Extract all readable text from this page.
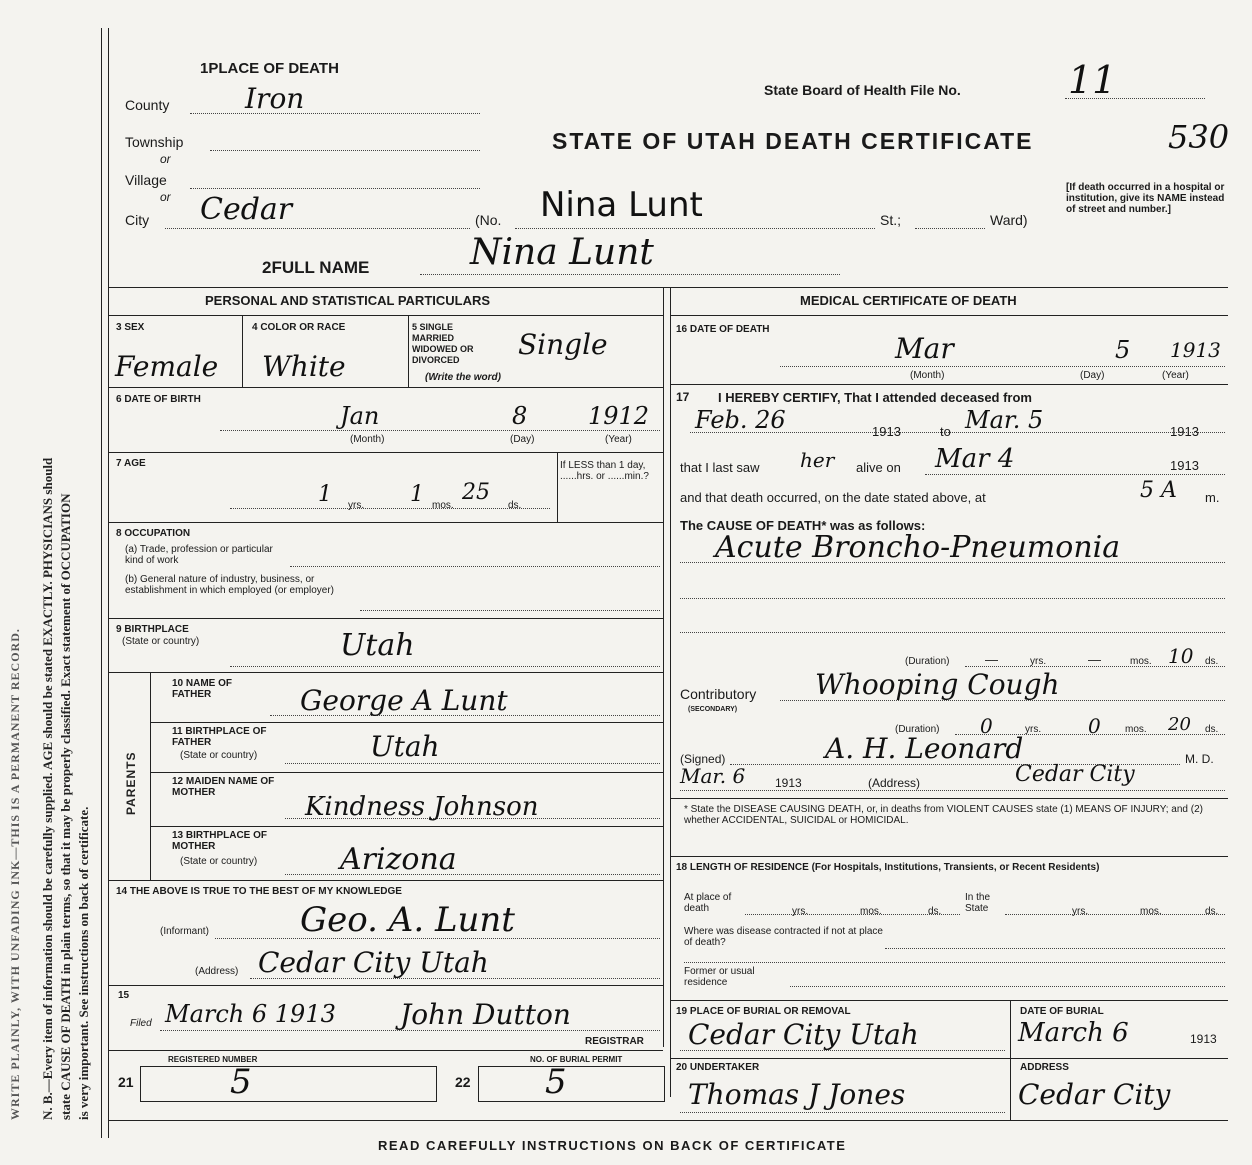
WRITE PLAINLY, WITH UNFADING INK—THIS IS A PERMANENT RECORD. N. B.—Every item of information should be carefully supplied. AGE should be stated EXACTLY. PHYSICIANS should state CAUSE OF DEATH in plain terms, so that it may be properly classified. Exact statement of OCCUPATION is very important. See instructions on back of certificate.
1PLACE OF DEATH
State Board of Health File No.	11
STATE OF UTAH DEATH CERTIFICATE	530
[If death occurred in a hospital or institution, give its NAME instead of street and number.]
County	Iron
Township
or
Village
or
City Cedar	(No. Nina Lunt	St.;	Ward)
2FULL NAME	Nina Lunt
PERSONAL AND STATISTICAL PARTICULARS	MEDICAL CERTIFICATE OF DEATH
3 SEX
Female
4 COLOR OR RACE
White
5 SINGLE MARRIED WIDOWED OR DIVORCED
(Write the word)
Single
6 DATE OF BIRTH
Jan	8	1912
(Month)	(Day)	(Year)
7 AGE
1 yrs. 1 mos.
25
ds.
If LESS than 1 day, ......hrs. or ......min.?
8 OCCUPATION
(a) Trade, profession or particular kind of work
(b) General nature of industry, business, or establishment in which employed (or employer)
9 BIRTHPLACE
(State or country)	Utah
PARENTS
10 NAME OF FATHER	George A Lunt
11 BIRTHPLACE OF FATHER
(State or country)	Utah
12 MAIDEN NAME OF MOTHER	Kindness Johnson
13 BIRTHPLACE OF MOTHER
(State or country)	Arizona
14 THE ABOVE IS TRUE TO THE BEST OF MY KNOWLEDGE
(Informant)	Geo. A. Lunt
(Address) Cedar City Utah
15
Filed March 6 1913 John Dutton
REGISTRAR
21
REGISTERED NUMBER
5	22
NO. OF BURIAL PERMIT
5
16 DATE OF DEATH
Mar	5 1913
(Month)	(Day)	(Year)
17 I HEREBY CERTIFY, That I attended deceased from
Feb. 26	1913	to Mar. 5	1913
that I last saw her alive on Mar 4	1913
and that death occurred, on the date stated above, at	5 A m.
The CAUSE OF DEATH* was as follows:
Acute Broncho-Pneumonia
(Duration)	—	yrs.	—	mos. 10 ds.
Contributory
(SECONDARY)
Whooping Cough
(Duration) 0	yrs. 0 mos. 20 ds.
(Signed)	A. H. Leonard	M. D.
Mar. 6 1913	(Address)	Cedar City
* State the DISEASE CAUSING DEATH, or, in deaths from VIOLENT CAUSES state (1) MEANS OF INJURY; and (2) whether ACCIDENTAL, SUICIDAL or HOMICIDAL.
18 LENGTH OF RESIDENCE (For Hospitals, Institutions, Transients, or Recent Residents)
At place of death	yrs.	mos.	ds.
In the State	yrs.	mos.	ds.
Where was disease contracted if not at place of death?
Former or usual residence
19 PLACE OF BURIAL OR REMOVAL
Cedar City Utah
DATE OF BURIAL
March 6	1913
20 UNDERTAKER
Thomas J Jones
ADDRESS
Cedar City
READ CAREFULLY INSTRUCTIONS ON BACK OF CERTIFICATE
